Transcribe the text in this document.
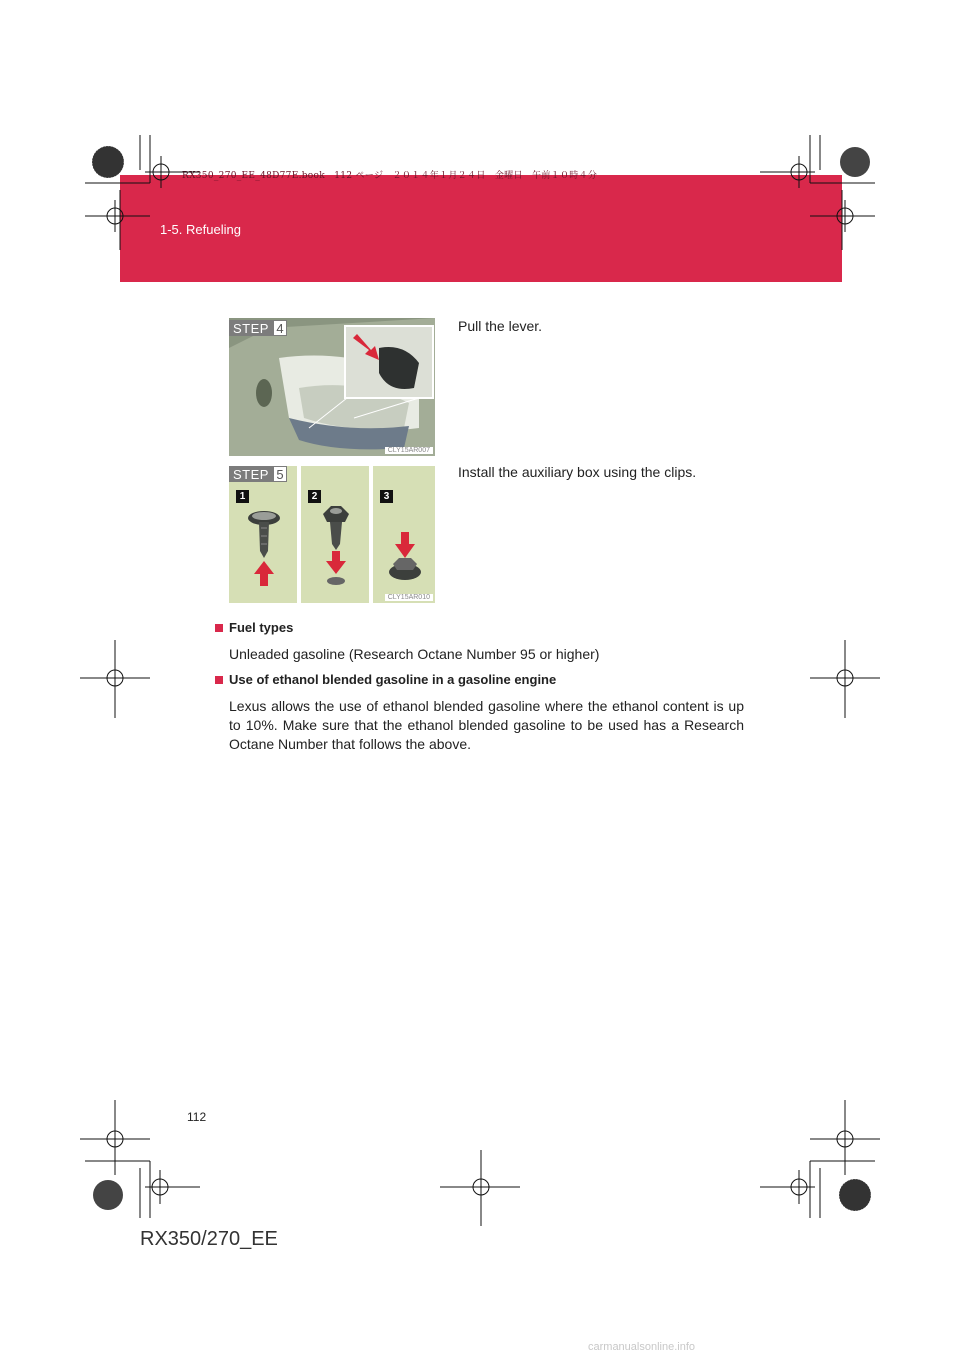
1-5. Refueling
RX350_270_EE_48D77E.book　112 ページ　２０１４年１月２４日　金曜日　午前１０時４分
CLY15AR007
STEP 4	Pull the lever.
CLY15AR010
1	2	3
STEP 5	Install the auxiliary box using the clips.
Fuel types
Unleaded gasoline (Research Octane Number 95 or higher)
Use of ethanol blended gasoline in a gasoline engine
Lexus allows the use of ethanol blended gasoline where the ethanol content is up to 10%. Make sure that the ethanol blended gasoline to be used has a Research Octane Number that follows the above.
112
RX350/270_EE
carmanualsonline.info
